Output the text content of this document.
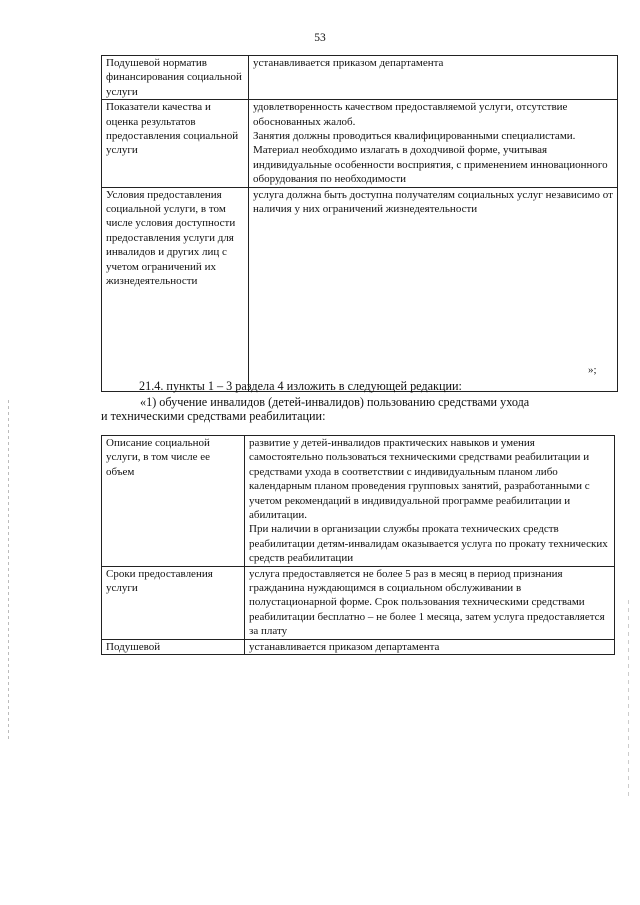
53
Подушевой норматив финансирования социальной услуги	устанавливается приказом департамента
Показатели качества и оценка результатов предоставления социальной услуги	удовлетворенность качеством предоставляемой услуги, отсутствие обоснованных жалоб.
Занятия должны проводиться квалифицированными специалистами. Материал необходимо излагать в доходчивой форме, учитывая индивидуальные особенности восприятия, с применением инновационного оборудования по необходимости
Условия предоставления социальной услуги, в том числе условия доступности предоставления услуги для инвалидов и других лиц с учетом ограничений их жизнедеятельности	услуга должна быть доступна получателям социальных услуг независимо от наличия у них ограничений жизнедеятельности
»;
21.4. пункты 1 – 3 раздела 4 изложить в следующей редакции:
«1) обучение инвалидов (детей-инвалидов) пользованию средствами ухода
и техническими средствами реабилитации:
Описание социальной услуги, в том числе ее объем	развитие у детей-инвалидов практических навыков и умения самостоятельно пользоваться техническими средствами реабилитации и средствами ухода в соответствии с индивидуальным планом либо календарным планом проведения групповых занятий, разработанными с учетом рекомендаций в индивидуальной программе реабилитации и абилитации.
При наличии в организации службы проката технических средств реабилитации детям-инвалидам оказывается услуга по прокату технических средств реабилитации
Сроки предоставления услуги	услуга предоставляется не более 5 раз в месяц в период признания гражданина нуждающимся в социальном обслуживании в полустационарной форме. Срок пользования техническими средствами реабилитации бесплатно – не более 1 месяца, затем услуга предоставляется за плату
Подушевой	устанавливается приказом департамента
